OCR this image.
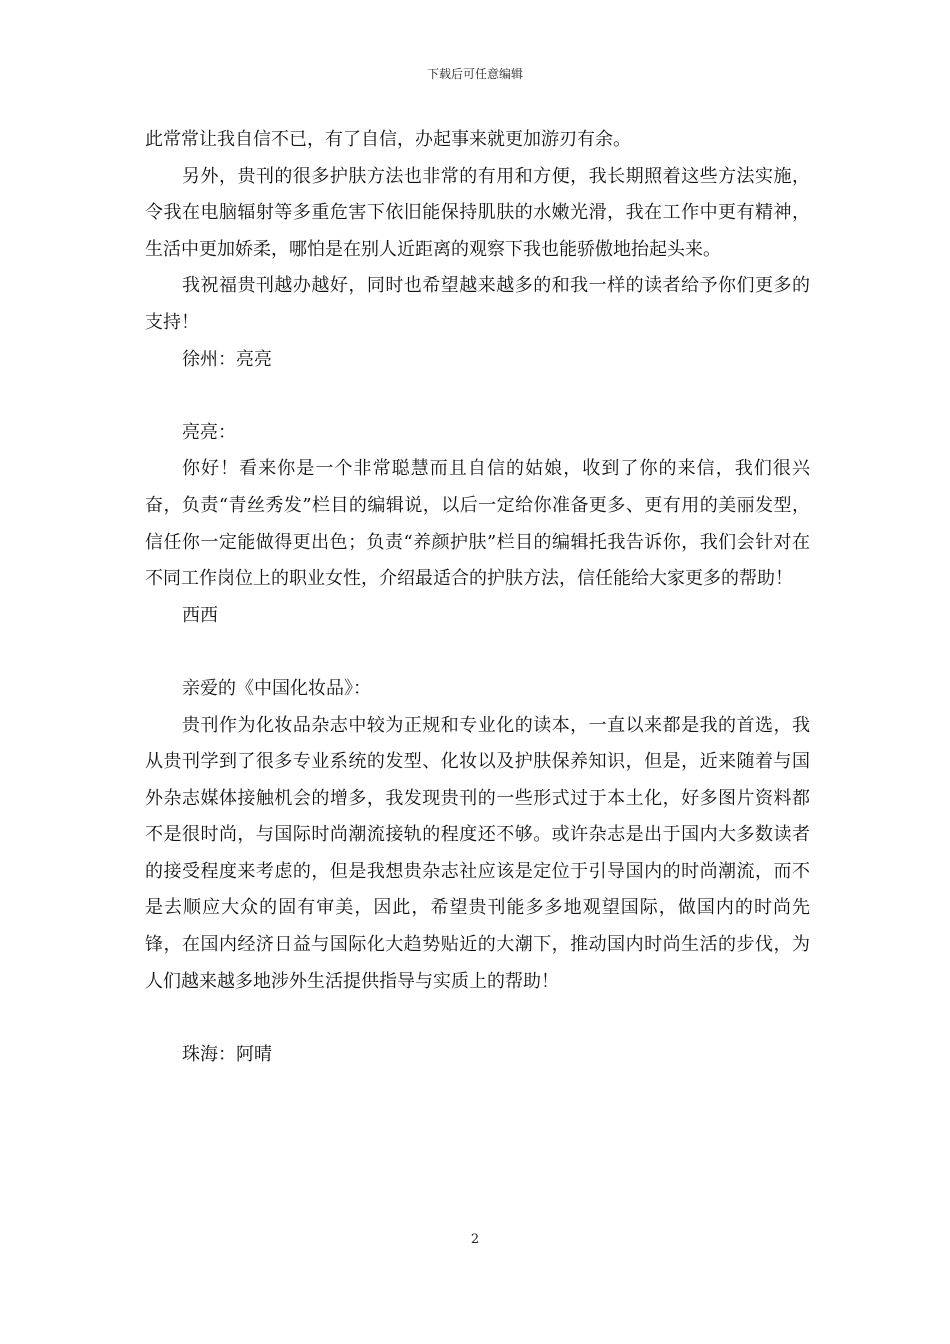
下载后可任意编辑

此常常让我自信不已，有了自信，办起事来就更加游刃有余。

另外，贵刊的很多护肤方法也非常的有用和方便，我长期照着这些方法实施，令我在电脑辐射等多重危害下依旧能保持肌肤的水嫩光滑，我在工作中更有精神，生活中更加娇柔，哪怕是在别人近距离的观察下我也能骄傲地抬起头来。

我祝福贵刊越办越好，同时也希望越来越多的和我一样的读者给予你们更多的支持！

徐州：亮亮

亮亮：

你好！看来你是一个非常聪慧而且自信的姑娘，收到了你的来信，我们很兴奋，负责“青丝秀发”栏目的编辑说，以后一定给你准备更多、更有用的美丽发型，信任你一定能做得更出色；负责“养颜护肤”栏目的编辑托我告诉你，我们会针对在不同工作岗位上的职业女性，介绍最适合的护肤方法，信任能给大家更多的帮助！

西西

亲爱的《中国化妆品》：

贵刊作为化妆品杂志中较为正规和专业化的读本，一直以来都是我的首选，我从贵刊学到了很多专业系统的发型、化妆以及护肤保养知识，但是，近来随着与国外杂志媒体接触机会的增多，我发现贵刊的一些形式过于本土化，好多图片资料都不是很时尚，与国际时尚潮流接轨的程度还不够。或许杂志是出于国内大多数读者的接受程度来考虑的，但是我想贵杂志社应该是定位于引导国内的时尚潮流，而不是去顺应大众的固有审美，因此，希望贵刊能多多地观望国际，做国内的时尚先锋，在国内经济日益与国际化大趋势贴近的大潮下，推动国内时尚生活的步伐，为人们越来越多地涉外生活提供指导与实质上的帮助！

珠海：阿晴

2
